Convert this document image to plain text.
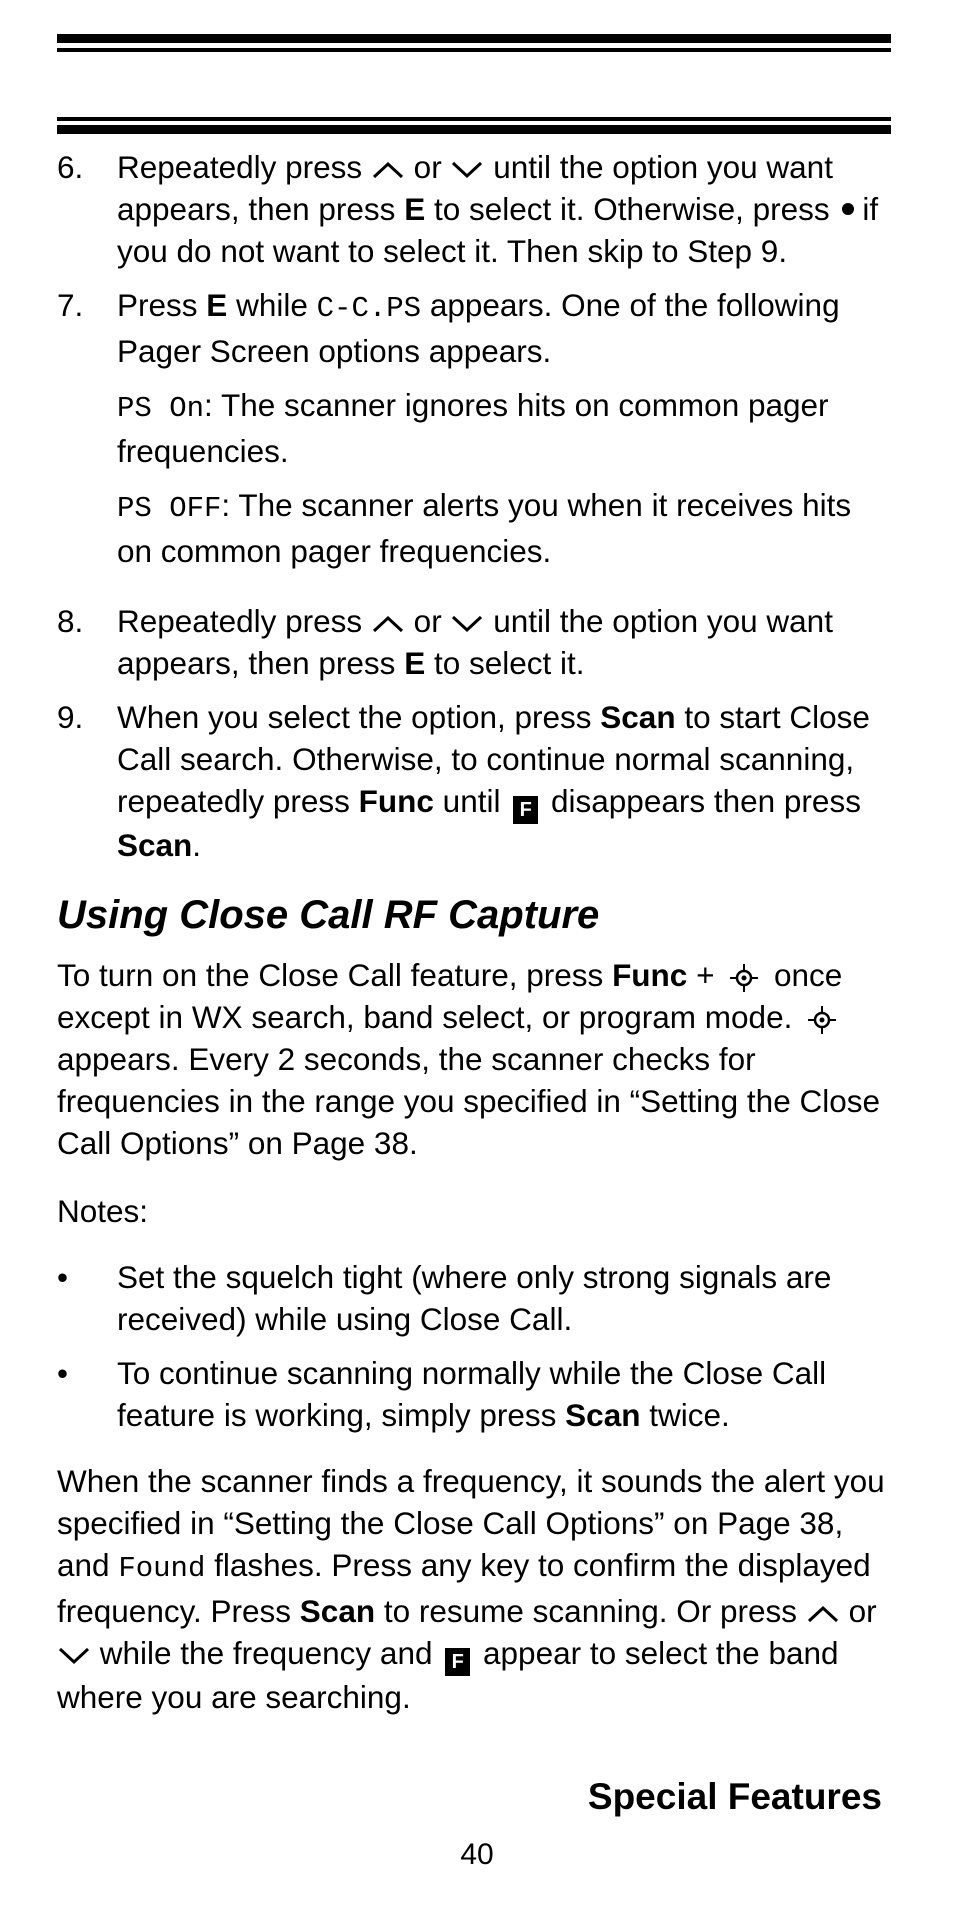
6. Repeatedly press or until the option you want appears, then press E to select it. Otherwise, press if you do not want to select it. Then skip to Step 9.
7. Press E while C-C.PS appears. One of the following Pager Screen options appears.
PS On: The scanner ignores hits on common pager frequencies.
PS OFF: The scanner alerts you when it receives hits on common pager frequencies.
8. Repeatedly press or until the option you want appears, then press E to select it.
9. When you select the option, press Scan to start Close Call search. Otherwise, to continue normal scanning, repeatedly press Func until F disappears then press Scan.
Using Close Call RF Capture
To turn on the Close Call feature, press Func + once except in WX search, band select, or program mode.  appears. Every 2 seconds, the scanner checks for frequencies in the range you specified in “Setting the Close Call Options” on Page 38.
Notes:
• Set the squelch tight (where only strong signals are received) while using Close Call.
• To continue scanning normally while the Close Call feature is working, simply press Scan twice.
When the scanner finds a frequency, it sounds the alert you specified in “Setting the Close Call Options” on Page 38, and Found flashes. Press any key to confirm the displayed frequency. Press Scan to resume scanning. Or press or  while the frequency and F appear to select the band where you are searching.
Special Features
40
